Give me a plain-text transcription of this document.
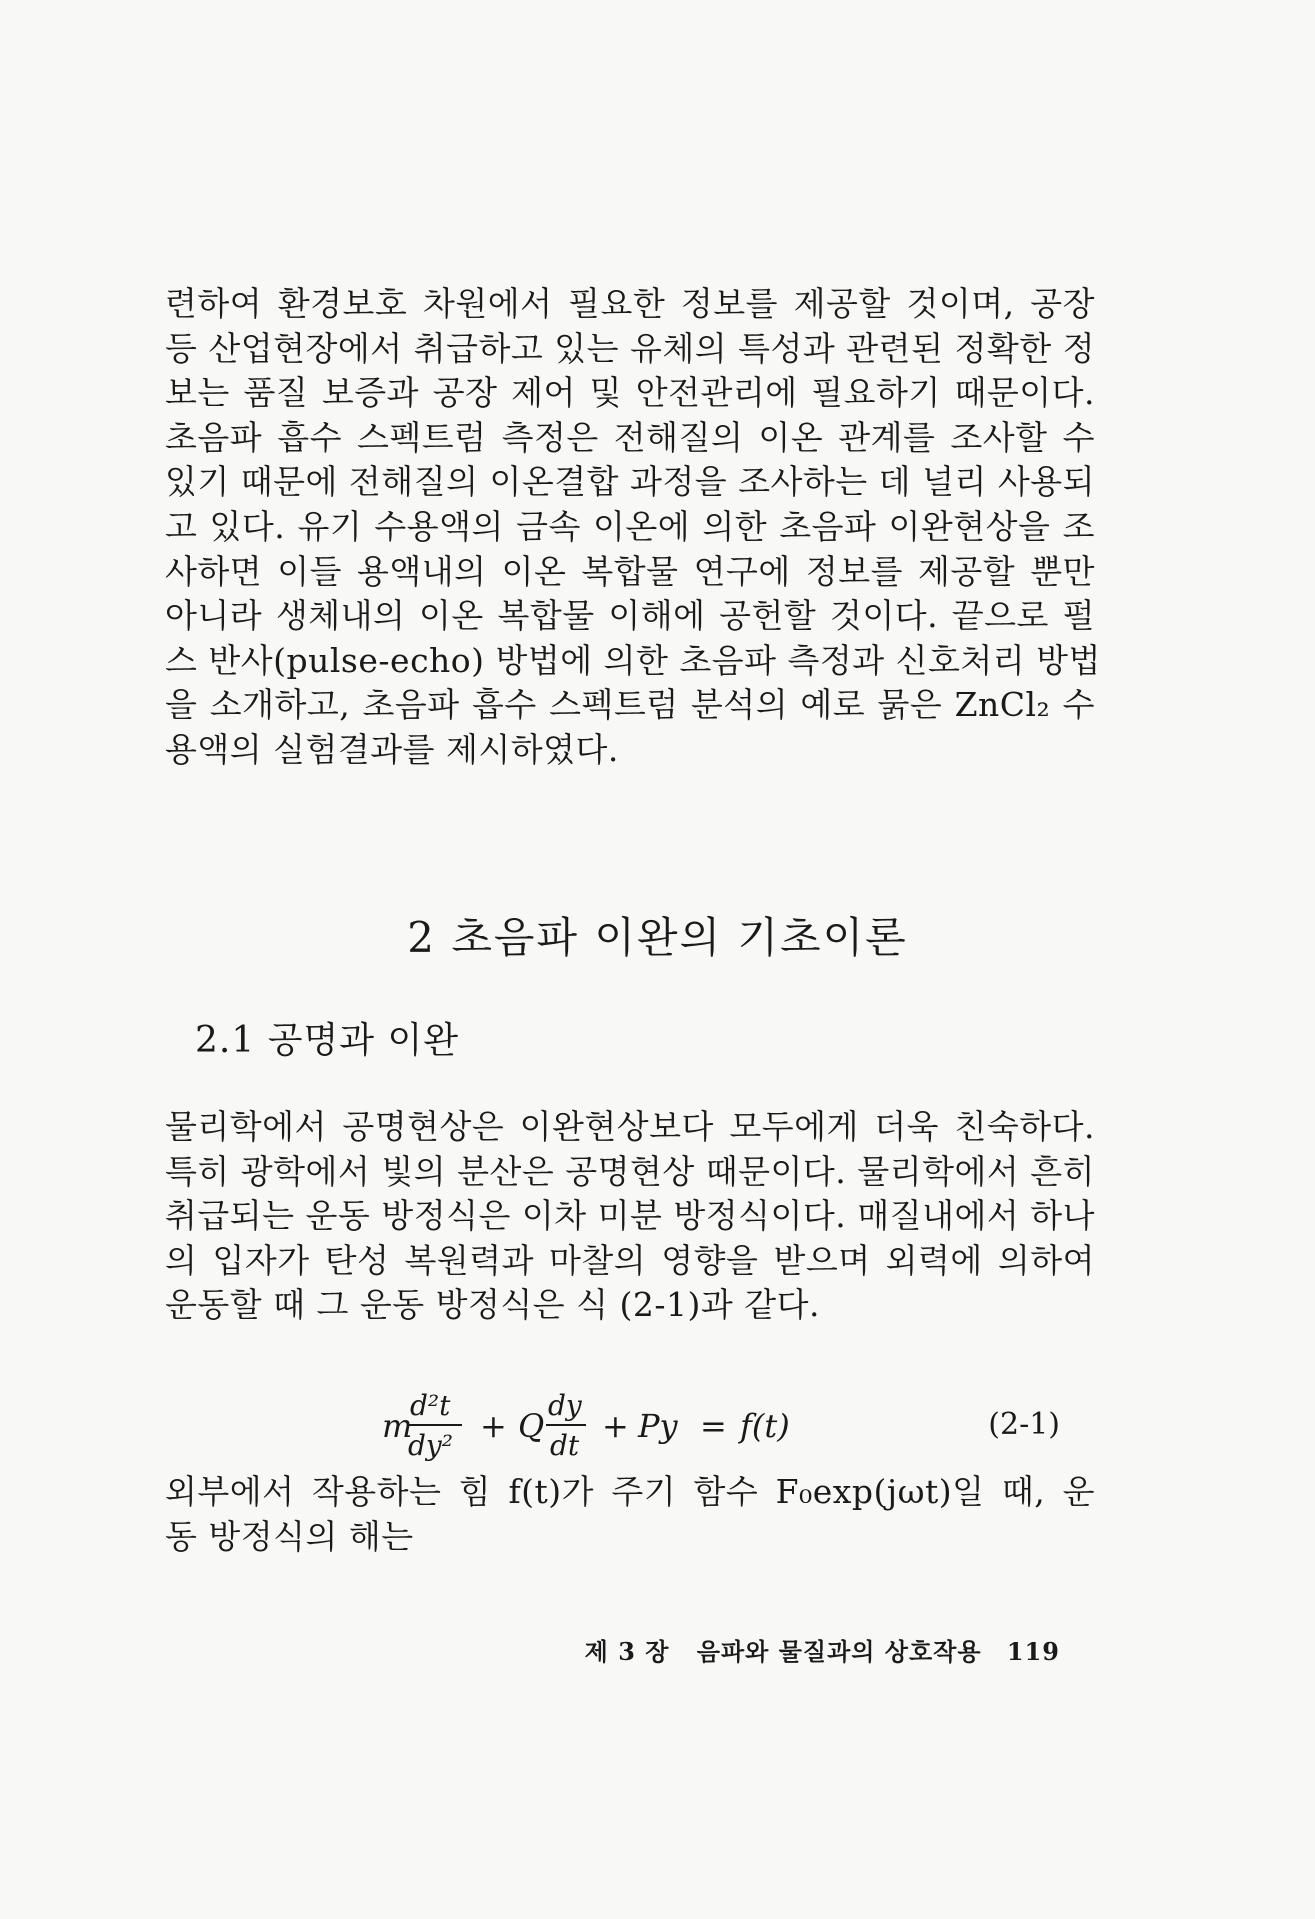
련하여 환경보호 차원에서 필요한 정보를 제공할 것이며, 공장
등 산업현장에서 취급하고 있는 유체의 특성과 관련된 정확한 정
보는 품질 보증과 공장 제어 및 안전관리에 필요하기 때문이다.
초음파 흡수 스펙트럼 측정은 전해질의 이온 관계를 조사할 수
있기 때문에 전해질의 이온결합 과정을 조사하는 데 널리 사용되
고 있다. 유기 수용액의 금속 이온에 의한 초음파 이완현상을 조
사하면 이들 용액내의 이온 복합물 연구에 정보를 제공할 뿐만
아니라 생체내의 이온 복합물 이해에 공헌할 것이다. 끝으로 펄
스 반사(pulse-echo) 방법에 의한 초음파 측정과 신호처리 방법
을 소개하고, 초음파 흡수 스펙트럼 분석의 예로 묽은 ZnCl₂ 수
용액의 실험결과를 제시하였다.
2 초음파 이완의 기초이론
2.1 공명과 이완
물리학에서 공명현상은 이완현상보다 모두에게 더욱 친숙하다.
특히 광학에서 빛의 분산은 공명현상 때문이다. 물리학에서 흔히
취급되는 운동 방정식은 이차 미분 방정식이다. 매질내에서 하나
의 입자가 탄성 복원력과 마찰의 영향을 받으며 외력에 의하여
운동할 때 그 운동 방정식은 식 (2-1)과 같다.
m
d²t
dy²
+ Q
dy
dt
+ Py = f(t)	(2-1)
외부에서 작용하는 힘 f(t)가 주기 함수 F₀exp(jωt)일 때, 운
동 방정식의 해는
제 3 장 음파와 물질과의 상호작용 119
